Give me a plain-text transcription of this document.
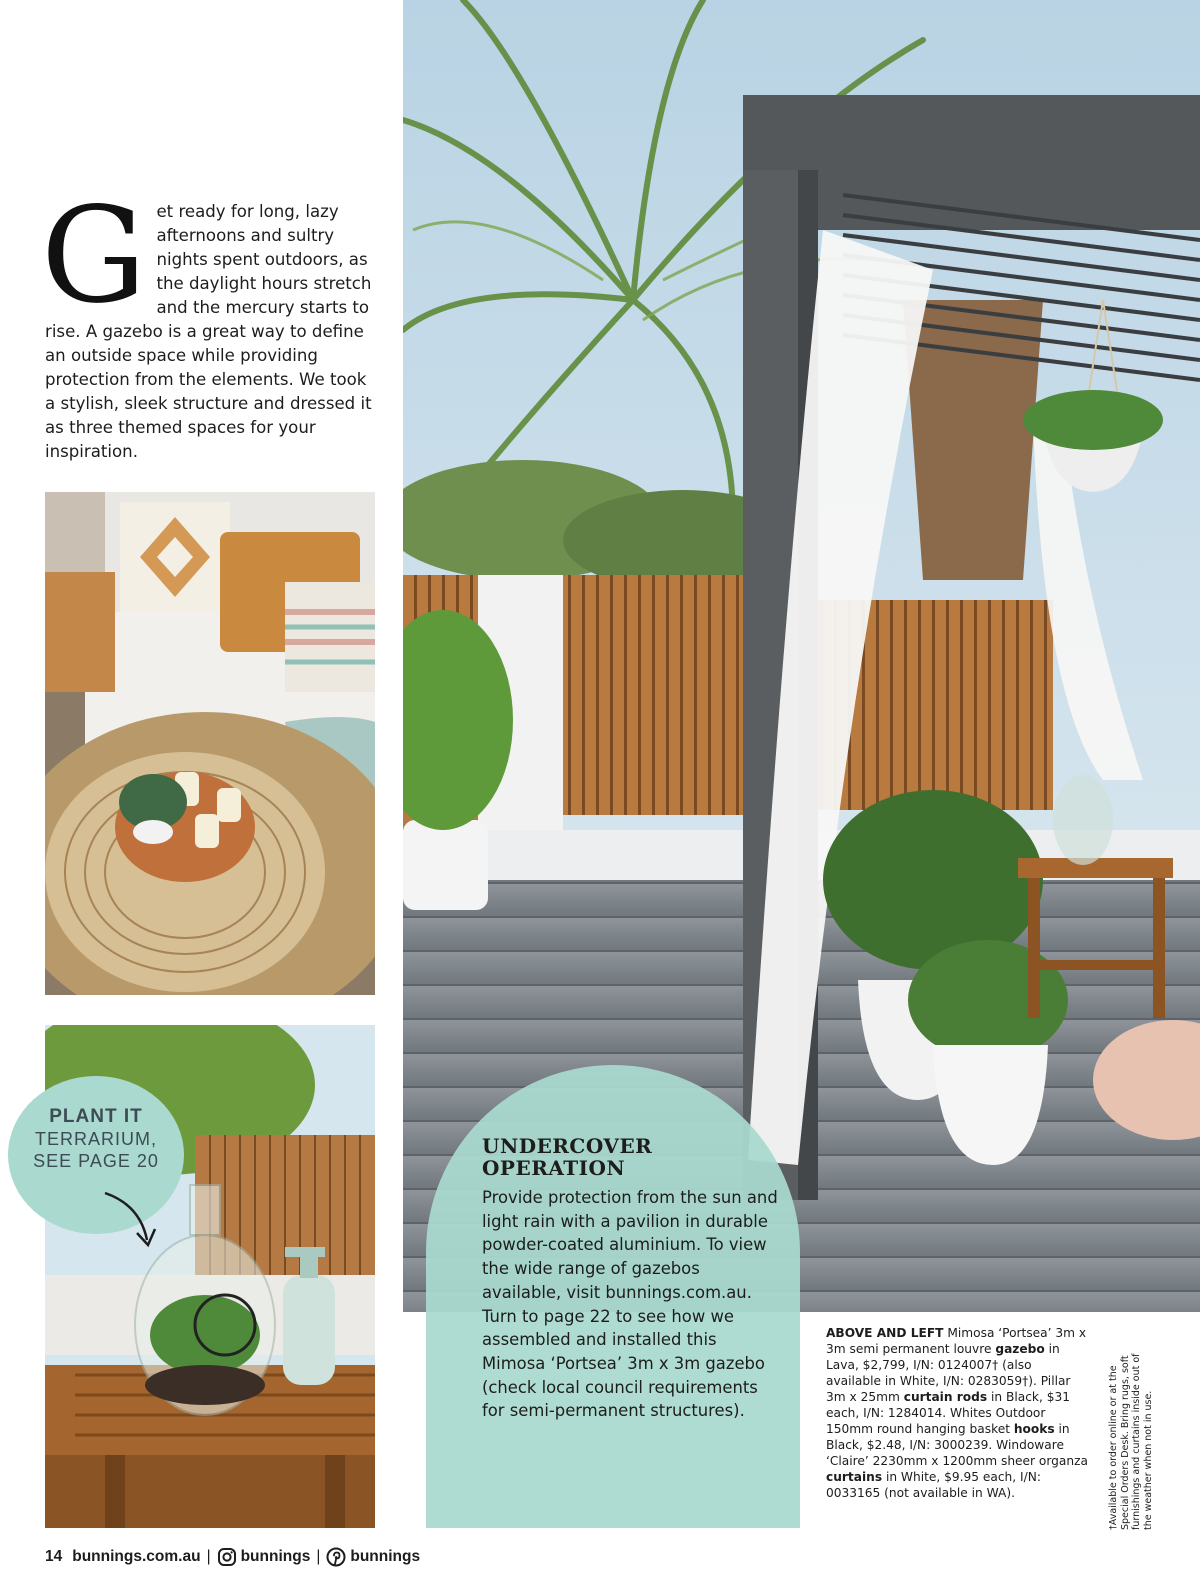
G et ready for long, lazy afternoons and sultry nights spent outdoors, as the daylight hours stretch and the mercury starts to rise. A gazebo is a great way to define an outside space while providing protection from the elements. We took a stylish, sleek structure and dressed it as three themed spaces for your inspiration.
PLANT IT
TERRARIUM,
SEE PAGE 20
UNDERCOVER
OPERATION
Provide protection from the sun and light rain with a pavilion in durable powder-coated aluminium. To view the wide range of gazebos available, visit bunnings.com.au. Turn to page 22 to see how we assembled and installed this Mimosa ‘Portsea’ 3m x 3m gazebo (check local council requirements for semi-permanent structures).
ABOVE AND LEFT Mimosa ‘Portsea’ 3m x 3m semi permanent louvre gazebo in Lava, $2,799, I/N: 0124007† (also available in White, I/N: 0283059†). Pillar 3m x 25mm curtain rods in Black, $31 each, I/N: 1284014. Whites Outdoor 150mm round hanging basket hooks in Black, $2.48, I/N: 3000239. Windoware ‘Claire’ 2230mm x 1200mm sheer organza curtains in White, $9.95 each, I/N: 0033165 (not available in WA).	†Available to order online or at the Special Orders Desk. Bring rugs, soft furnishings and curtains inside out of the weather when not in use.
14 bunnings.com.au | bunnings | bunnings
